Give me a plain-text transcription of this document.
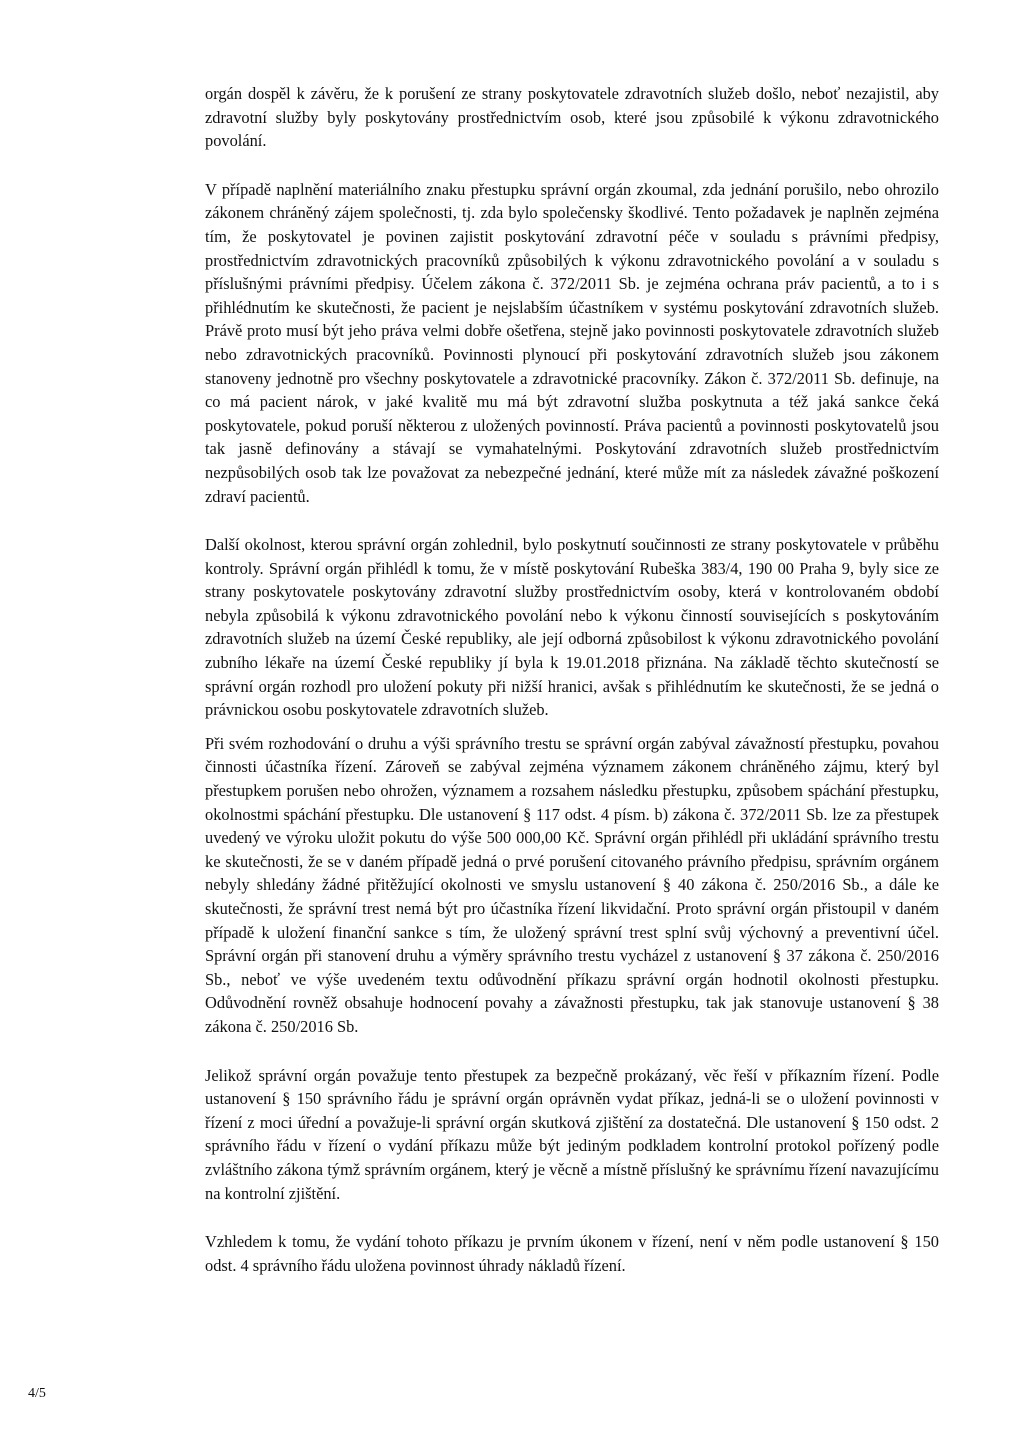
orgán dospěl k závěru, že k porušení ze strany poskytovatele zdravotních služeb došlo, neboť nezajistil, aby zdravotní služby byly poskytovány prostřednictvím osob, které jsou způsobilé k výkonu zdravotnického povolání.

V případě naplnění materiálního znaku přestupku správní orgán zkoumal, zda jednání porušilo, nebo ohrozilo zákonem chráněný zájem společnosti, tj. zda bylo společensky škodlivé. Tento požadavek je naplněn zejména tím, že poskytovatel je povinen zajistit poskytování zdravotní péče v souladu s právními předpisy, prostřednictvím zdravotnických pracovníků způsobilých k výkonu zdravotnického povolání a v souladu s příslušnými právními předpisy. Účelem zákona č. 372/2011 Sb. je zejména ochrana práv pacientů, a to i s přihlédnutím ke skutečnosti, že pacient je nejslabším účastníkem v systému poskytování zdravotních služeb. Právě proto musí být jeho práva velmi dobře ošetřena, stejně jako povinnosti poskytovatele zdravotních služeb nebo zdravotnických pracovníků. Povinnosti plynoucí při poskytování zdravotních služeb jsou zákonem stanoveny jednotně pro všechny poskytovatele a zdravotnické pracovníky. Zákon č. 372/2011 Sb. definuje, na co má pacient nárok, v jaké kvalitě mu má být zdravotní služba poskytnuta a též jaká sankce čeká poskytovatele, pokud poruší některou z uložených povinností. Práva pacientů a povinnosti poskytovatelů jsou tak jasně definovány a stávají se vymahatelnými. Poskytování zdravotních služeb prostřednictvím nezpůsobilých osob tak lze považovat za nebezpečné jednání, které může mít za následek závažné poškození zdraví pacientů.

Další okolnost, kterou správní orgán zohlednil, bylo poskytnutí součinnosti ze strany poskytovatele v průběhu kontroly. Správní orgán přihlédl k tomu, že v místě poskytování Rubeška 383/4, 190 00 Praha 9, byly sice ze strany poskytovatele poskytovány zdravotní služby prostřednictvím osoby, která v kontrolovaném období nebyla způsobilá k výkonu zdravotnického povolání nebo k výkonu činností souvisejících s poskytováním zdravotních služeb na území České republiky, ale její odborná způsobilost k výkonu zdravotnického povolání zubního lékaře na území České republiky jí byla k 19.01.2018 přiznána. Na základě těchto skutečností se správní orgán rozhodl pro uložení pokuty při nižší hranici, avšak s přihlédnutím ke skutečnosti, že se jedná o právnickou osobu poskytovatele zdravotních služeb.

Při svém rozhodování o druhu a výši správního trestu se správní orgán zabýval závažností přestupku, povahou činnosti účastníka řízení. Zároveň se zabýval zejména významem zákonem chráněného zájmu, který byl přestupkem porušen nebo ohrožen, významem a rozsahem následku přestupku, způsobem spáchání přestupku, okolnostmi spáchání přestupku. Dle ustanovení § 117 odst. 4 písm. b) zákona č. 372/2011 Sb. lze za přestupek uvedený ve výroku uložit pokutu do výše 500 000,00 Kč. Správní orgán přihlédl při ukládání správního trestu ke skutečnosti, že se v daném případě jedná o prvé porušení citovaného právního předpisu, správním orgánem nebyly shledány žádné přitěžující okolnosti ve smyslu ustanovení § 40 zákona č. 250/2016 Sb., a dále ke skutečnosti, že správní trest nemá být pro účastníka řízení likvidační. Proto správní orgán přistoupil v daném případě k uložení finanční sankce s tím, že uložený správní trest splní svůj výchovný a preventivní účel. Správní orgán při stanovení druhu a výměry správního trestu vycházel z ustanovení § 37 zákona č. 250/2016 Sb., neboť ve výše uvedeném textu odůvodnění příkazu správní orgán hodnotil okolnosti přestupku. Odůvodnění rovněž obsahuje hodnocení povahy a závažnosti přestupku, tak jak stanovuje ustanovení § 38 zákona č. 250/2016 Sb.

Jelikož správní orgán považuje tento přestupek za bezpečně prokázaný, věc řeší v příkazním řízení. Podle ustanovení § 150 správního řádu je správní orgán oprávněn vydat příkaz, jedná-li se o uložení povinnosti v řízení z moci úřední a považuje-li správní orgán skutková zjištění za dostatečná. Dle ustanovení § 150 odst. 2 správního řádu v řízení o vydání příkazu může být jediným podkladem kontrolní protokol pořízený podle zvláštního zákona týmž správním orgánem, který je věcně a místně příslušný ke správnímu řízení navazujícímu na kontrolní zjištění.

Vzhledem k tomu, že vydání tohoto příkazu je prvním úkonem v řízení, není v něm podle ustanovení § 150 odst. 4 správního řádu uložena povinnost úhrady nákladů řízení.

4/5
